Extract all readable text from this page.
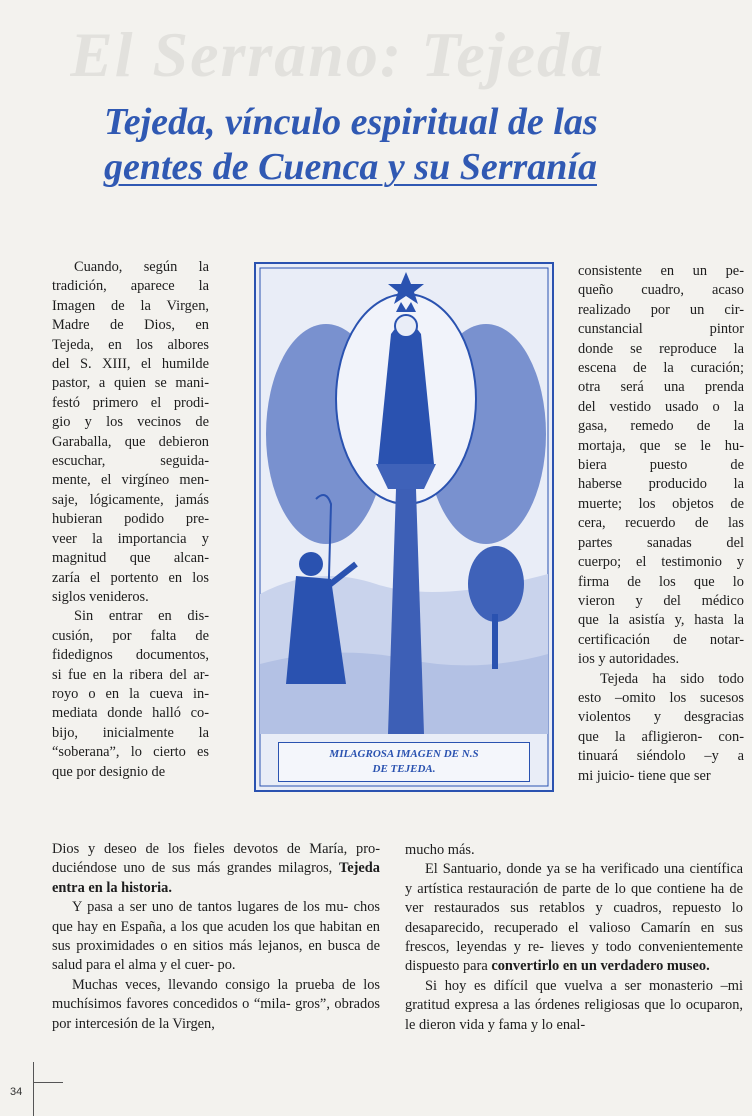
El Serrano: Tejeda
Tejeda, vínculo espiritual de las
gentes de Cuenca y su Serranía
Cuando, según la
tradición, aparece la
Imagen de la Virgen,
Madre de Dios, en
Tejeda, en los albores
del S. XIII, el humilde
pastor, a quien se mani-
festó primero el prodi-
gio y los vecinos de
Garaballa, que debieron
escuchar, seguida-
mente, el virgíneo men-
saje, lógicamente, jamás
hubieran podido pre-
veer la importancia y
magnitud que alcan-
zaría el portento en los
siglos venideros.
Sin entrar en dis-
cusión, por falta de
fidedignos documentos,
si fue en la ribera del ar-
royo o en la cueva in-
mediata donde halló co-
bijo, inicialmente la
“soberana”, lo cierto es
que por designio de

Dios y deseo de los fieles devotos de María, pro- duciéndose uno de sus más grandes milagros, Tejeda entra en la historia.

Y pasa a ser uno de tantos lugares de los mu- chos que hay en España, a los que acuden los que habitan en sus proximidades o en sitios más lejanos, en busca de salud para el alma y el cuer- po.

Muchas veces, llevando consigo la prueba de los muchísimos favores concedidos o “mila- gros”, obrados por intercesión de la Virgen,

consistente en un pe-
queño cuadro, acaso
realizado por un cir-
cunstancial pintor
donde se reproduce la
escena de la curación;
otra será una prenda
del vestido usado o la
gasa, remedo de la
mortaja, que se le hu-
biera puesto de
haberse producido la
muerte; los objetos de
cera, recuerdo de las
partes sanadas del
cuerpo; el testimonio y
firma de los que lo
vieron y del médico
que la asistía y, hasta la
certificación de notar-
ios y autoridades.
Tejeda ha sido todo
esto –omito los sucesos
violentos y desgracias
que la afligieron- con-
tinuará siéndolo –y a
mi juicio- tiene que ser

mucho más.

El Santuario, donde ya se ha verificado una científica y artística restauración de parte de lo que contiene ha de ver restaurados sus retablos y cuadros, repuesto lo desaparecido, recuperado el valioso Camarín en sus frescos, leyendas y re- lieves y todo convenientemente dispuesto para convertirlo en un verdadero museo.

Si hoy es difícil que vuelva a ser monasterio –mi gratitud expresa a las órdenes religiosas que lo ocuparon, le dieron vida y fama y lo enal-

MILAGROSA IMAGEN DE N.S
DE TEJEDA.
34
